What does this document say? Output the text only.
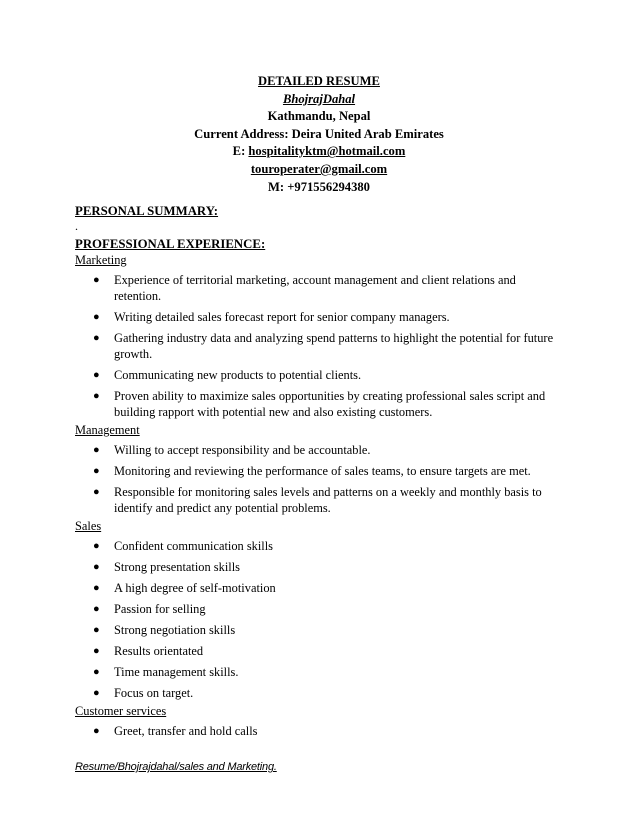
DETAILED RESUME
BhojrajDahal
Kathmandu, Nepal
Current Address: Deira United Arab Emirates
E: hospitalityktm@hotmail.com
touroperater@gmail.com
M: +971556294380
PERSONAL SUMMARY:
.
PROFESSIONAL EXPERIENCE:
Marketing
● Experience of territorial marketing, account management and client relations and retention.
● Writing detailed sales forecast report for senior company managers.
● Gathering industry data and analyzing spend patterns to highlight the potential for future growth.
● Communicating new products to potential clients.
● Proven ability to maximize sales opportunities by creating professional sales script and building rapport with potential new and also existing customers.
Management
● Willing to accept responsibility and be accountable.
● Monitoring and reviewing the performance of sales teams, to ensure targets are met.
● Responsible for monitoring sales levels and patterns on a weekly and monthly basis to identify and predict any potential problems.
Sales
● Confident communication skills
● Strong presentation skills
● A high degree of self-motivation
● Passion for selling
● Strong negotiation skills
● Results orientated
● Time management skills.
● Focus on target.
Customer services
● Greet, transfer and hold calls
Resume/Bhojrajdahal/sales and Marketing.
